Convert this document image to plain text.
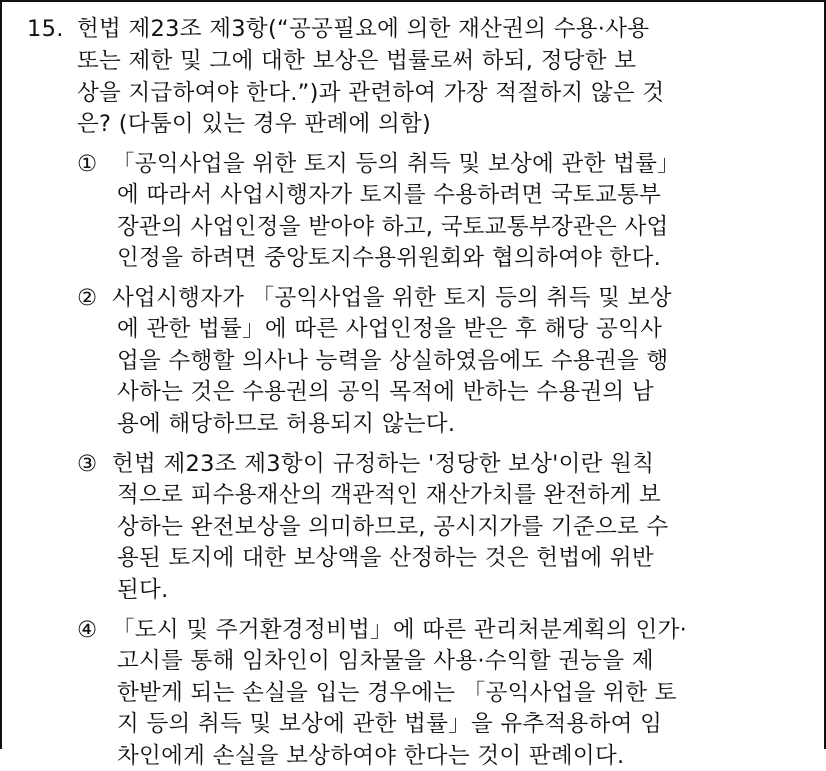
15. 헌법 제23조 제3항(“공공필요에 의한 재산권의 수용·사용
또는 제한 및 그에 대한 보상은 법률로써 하되, 정당한 보
상을 지급하여야 한다.”)과 관련하여 가장 적절하지 않은 것
은? (다툼이 있는 경우 판례에 의함)
① 「공익사업을 위한 토지 등의 취득 및 보상에 관한 법률」
에 따라서 사업시행자가 토지를 수용하려면 국토교통부
장관의 사업인정을 받아야 하고, 국토교통부장관은 사업
인정을 하려면 중앙토지수용위원회와 협의하여야 한다.
② 사업시행자가 「공익사업을 위한 토지 등의 취득 및 보상
에 관한 법률」에 따른 사업인정을 받은 후 해당 공익사
업을 수행할 의사나 능력을 상실하였음에도 수용권을 행
사하는 것은 수용권의 공익 목적에 반하는 수용권의 남
용에 해당하므로 허용되지 않는다.
③ 헌법 제23조 제3항이 규정하는 '정당한 보상'이란 원칙
적으로 피수용재산의 객관적인 재산가치를 완전하게 보
상하는 완전보상을 의미하므로, 공시지가를 기준으로 수
용된 토지에 대한 보상액을 산정하는 것은 헌법에 위반
된다.
④ 「도시 및 주거환경정비법」에 따른 관리처분계획의 인가·
고시를 통해 임차인이 임차물을 사용·수익할 권능을 제
한받게 되는 손실을 입는 경우에는 「공익사업을 위한 토
지 등의 취득 및 보상에 관한 법률」을 유추적용하여 임
차인에게 손실을 보상하여야 한다는 것이 판례이다.
